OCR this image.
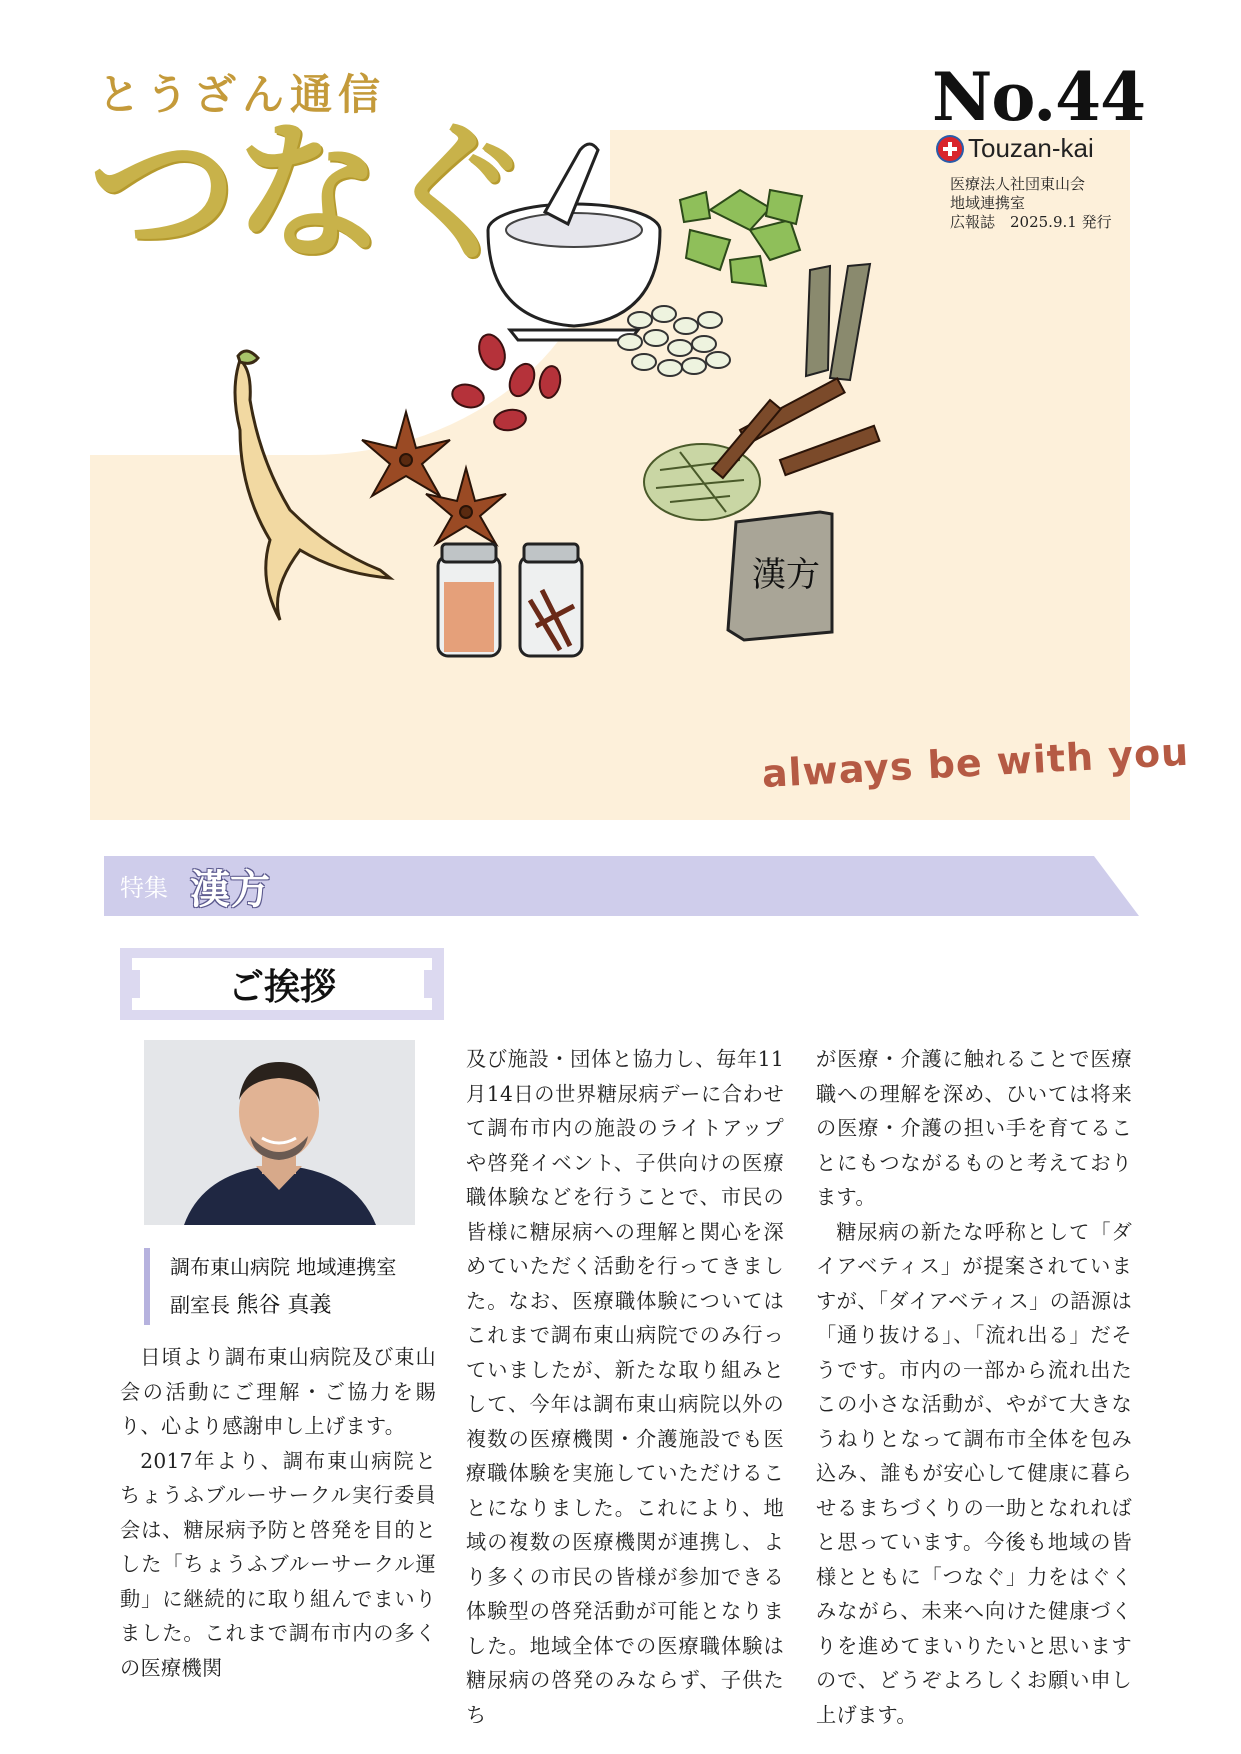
漢方
とうざん通信
つなぐ
No.44
Touzan-kai
医療法人社団東山会
地域連携室
広報誌　2025.9.1 発行
always be with you
特集 漢方
ご挨拶
調布東山病院 地域連携室
副室長 熊谷 真義

日頃より調布東山病院及び東山会の活動にご理解・ご協力を賜り、心より感謝申し上げます。

2017年より、調布東山病院とちょうふブルーサークル実行委員会は、糖尿病予防と啓発を目的とした「ちょうふブルーサークル運動」に継続的に取り組んでまいりました。これまで調布市内の多くの医療機関

及び施設・団体と協力し、毎年11月14日の世界糖尿病デーに合わせて調布市内の施設のライトアップや啓発イベント、子供向けの医療職体験などを行うことで、市民の皆様に糖尿病への理解と関心を深めていただく活動を行ってきました。なお、医療職体験についてはこれまで調布東山病院でのみ行っていましたが、新たな取り組みとして、今年は調布東山病院以外の複数の医療機関・介護施設でも医療職体験を実施していただけることになりました。これにより、地域の複数の医療機関が連携し、より多くの市民の皆様が参加できる体験型の啓発活動が可能となりました。地域全体での医療職体験は糖尿病の啓発のみならず、子供たち

が医療・介護に触れることで医療職への理解を深め、ひいては将来の医療・介護の担い手を育てることにもつながるものと考えております。

糖尿病の新たな呼称として「ダイアベティス」が提案されていますが、「ダイアベティス」の語源は「通り抜ける」、「流れ出る」だそうです。市内の一部から流れ出たこの小さな活動が、やがて大きなうねりとなって調布市全体を包み込み、誰もが安心して健康に暮らせるまちづくりの一助となれればと思っています。今後も地域の皆様とともに「つなぐ」力をはぐくみながら、未来へ向けた健康づくりを進めてまいりたいと思いますので、どうぞよろしくお願い申し上げます。
